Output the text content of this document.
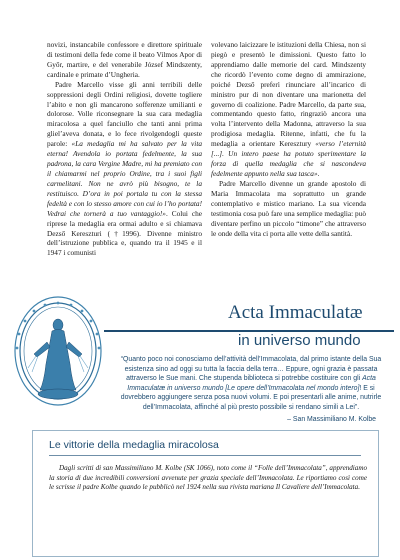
novizi, instancabile confessore e direttore spirituale di testimoni della fede come il beato Vilmos Apor di Győr, martire, e del venerabile József Mindszenty, cardinale e primate d’Ungheria.

Padre Marcello visse gli anni terribili delle soppressioni degli Ordini religiosi, dovette togliere l’abito e non gli mancarono sofferenze umilianti e dolorose. Volle riconsegnare la sua cara medaglia miracolosa a quel fanciullo che tanti anni prima gliel’aveva donata, e lo fece rivolgendogli queste parole: «La medaglia mi ha salvato per la vita eterna! Avendola io portata fedelmente, la sua padrona, la cara Vergine Madre, mi ha premiato con il chiamarmi nel proprio Ordine, tra i suoi figli carmelitani. Non ne avrò più bisogno, te la restituisco. D’ora in poi portala tu con la stessa fedeltà e con lo stesso amore con cui io l’ho portata! Vedrai che tornerà a tuo vantaggio!». Colui che riprese la medaglia era ormai adulto e si chiamava Dezső Kereszturi (†1996). Divenne ministro dell’istruzione pubblica e, quando tra il 1945 e il 1947 i comunisti

volevano laicizzare le istituzioni della Chiesa, non si piegò e presentò le dimissioni. Questo fatto lo apprendiamo dalle memorie del card. Mindszenty che ricordò l’evento come degno di ammirazione, poiché Dezső preferì rinunciare all’incarico di ministro pur di non diventare una marionetta del governo di coalizione. Padre Marcello, da parte sua, commentando questo fatto, ringraziò ancora una volta l’intervento della Madonna, attraverso la sua prodigiosa medaglia. Ritenne, infatti, che fu la medaglia a orientare Keresztury «verso l’eternità [...]. Un intero paese ha potuto sperimentare la forza di quella medaglia che si nascondeva fedelmente appunto nella sua tasca».

Padre Marcello divenne un grande apostolo di Maria Immacolata ma soprattutto un grande contemplativo e mistico mariano. La sua vicenda testimonia cosa può fare una semplice medaglia: può diventare perfino un piccolo “timone” che attraverso le onde della vita ci porta alle vette della santità.

Acta Immaculatæ
in universo mundo

“Quanto poco noi conosciamo dell’attività dell’Immacolata, dal primo istante della Sua esistenza sino ad oggi su tutta la faccia della terra… Eppure, ogni grazia è passata attraverso le Sue mani. Che stupenda biblioteca si potrebbe costituire con gli Acta Immaculatæ in universo mundo [Le opere dell’Immacolata nel mondo intero]! E si dovrebbero aggiungere senza posa nuovi volumi. E poi presentarli alle anime, nutrirle dell’Immacolata, affinché al più presto possibile si rendano simili a Lei”.

– San Massimiliano M. Kolbe
Le vittorie della medaglia miracolosa

Dagli scritti di san Massimiliano M. Kolbe (SK 1066), noto come il “Folle dell’Immacolata”, apprendiamo la storia di due incredibili conversioni avvenute per grazia speciale dell’Immacolata. Le riportiamo così come le scrisse il padre Kolbe quando le pubblicò nel 1924 nella sua rivista mariana Il Cavaliere dell’Immacolata.
